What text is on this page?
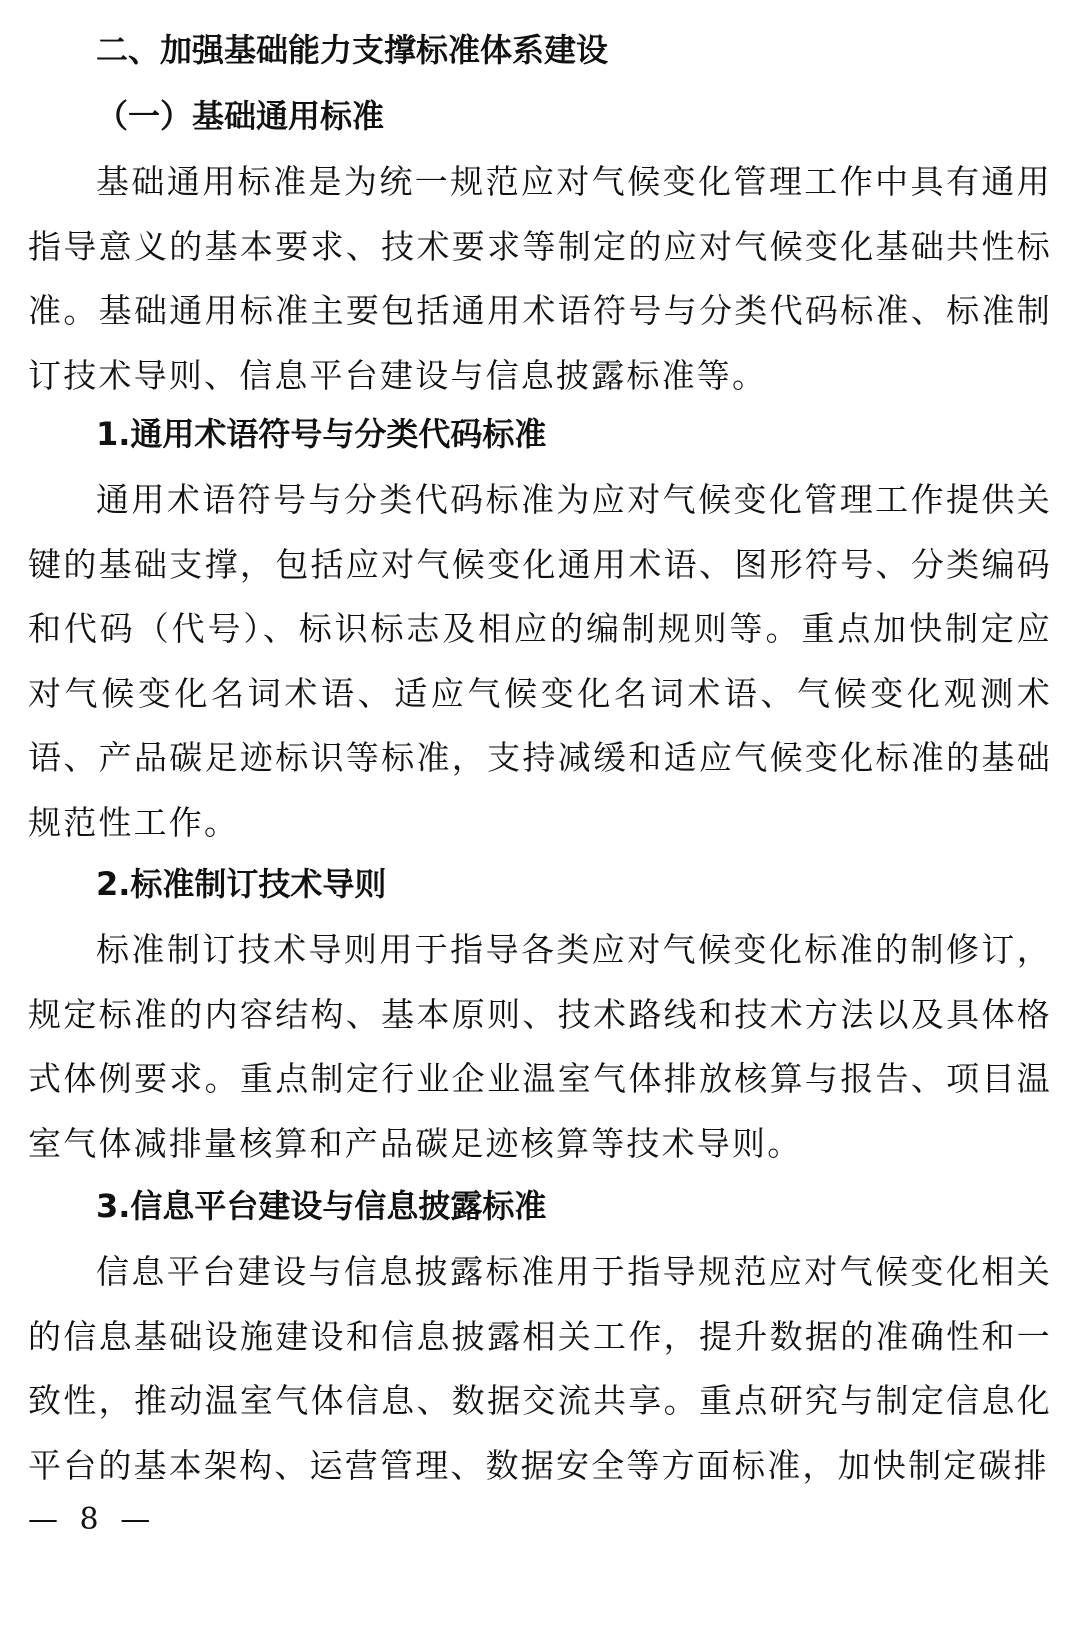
二、加强基础能力支撑标准体系建设
（一）基础通用标准

基础通用标准是为统一规范应对气候变化管理工作中具有通用指导意义的基本要求、技术要求等制定的应对气候变化基础共性标准。基础通用标准主要包括通用术语符号与分类代码标准、标准制订技术导则、信息平台建设与信息披露标准等。

1.通用术语符号与分类代码标准

通用术语符号与分类代码标准为应对气候变化管理工作提供关键的基础支撑，包括应对气候变化通用术语、图形符号、分类编码和代码（代号）、标识标志及相应的编制规则等。重点加快制定应对气候变化名词术语、适应气候变化名词术语、气候变化观测术语、产品碳足迹标识等标准，支持减缓和适应气候变化标准的基础规范性工作。

2.标准制订技术导则

标准制订技术导则用于指导各类应对气候变化标准的制修订，规定标准的内容结构、基本原则、技术路线和技术方法以及具体格式体例要求。重点制定行业企业温室气体排放核算与报告、项目温室气体减排量核算和产品碳足迹核算等技术导则。

3.信息平台建设与信息披露标准

信息平台建设与信息披露标准用于指导规范应对气候变化相关的信息基础设施建设和信息披露相关工作，提升数据的准确性和一致性，推动温室气体信息、数据交流共享。重点研究与制定信息化平台的基本架构、运营管理、数据安全等方面标准，加快制定碳排

— 8 —
